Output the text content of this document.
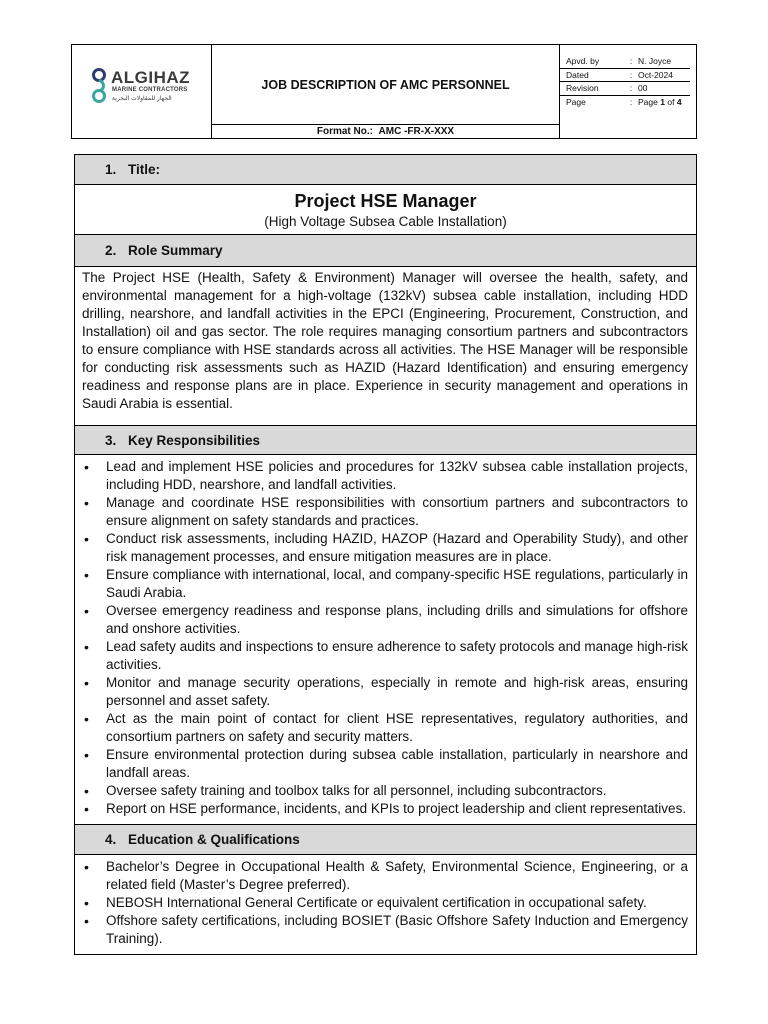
ALGIHAZ
MARINE CONTRACTORS
الجهاز للمقاولات البحرية
JOB DESCRIPTION OF AMC PERSONNEL
Format No.:
AMC -FR-X-XXX
Apvd. by	: N. Joyce
Dated	: Oct-2024
Revision	: 00
Page	: Page 1 of 4
1. Title:
Project HSE Manager
(High Voltage Subsea Cable Installation)
2. Role Summary
The Project HSE (Health, Safety & Environment) Manager will oversee the health, safety, and environmental management for a high-voltage (132kV) subsea cable installation, including HDD drilling, nearshore, and landfall activities in the EPCI (Engineering, Procurement, Construction, and Installation) oil and gas sector. The role requires managing consortium partners and subcontractors to ensure compliance with HSE standards across all activities. The HSE Manager will be responsible for conducting risk assessments such as HAZID (Hazard Identification) and ensuring emergency readiness and response plans are in place. Experience in security management and operations in Saudi Arabia is essential.
3. Key Responsibilities
• Lead and implement HSE policies and procedures for 132kV subsea cable installation projects, including HDD, nearshore, and landfall activities.
• Manage and coordinate HSE responsibilities with consortium partners and subcontractors to ensure alignment on safety standards and practices.
• Conduct risk assessments, including HAZID, HAZOP (Hazard and Operability Study), and other risk management processes, and ensure mitigation measures are in place.
• Ensure compliance with international, local, and company-specific HSE regulations, particularly in Saudi Arabia.
• Oversee emergency readiness and response plans, including drills and simulations for offshore and onshore activities.
• Lead safety audits and inspections to ensure adherence to safety protocols and manage high-risk activities.
• Monitor and manage security operations, especially in remote and high-risk areas, ensuring personnel and asset safety.
• Act as the main point of contact for client HSE representatives, regulatory authorities, and consortium partners on safety and security matters.
• Ensure environmental protection during subsea cable installation, particularly in nearshore and landfall areas.
• Oversee safety training and toolbox talks for all personnel, including subcontractors.
• Report on HSE performance, incidents, and KPIs to project leadership and client representatives.
4. Education & Qualifications
• Bachelor’s Degree in Occupational Health & Safety, Environmental Science, Engineering, or a related field (Master’s Degree preferred).
• NEBOSH International General Certificate or equivalent certification in occupational safety.
• Offshore safety certifications, including BOSIET (Basic Offshore Safety Induction and Emergency Training).
